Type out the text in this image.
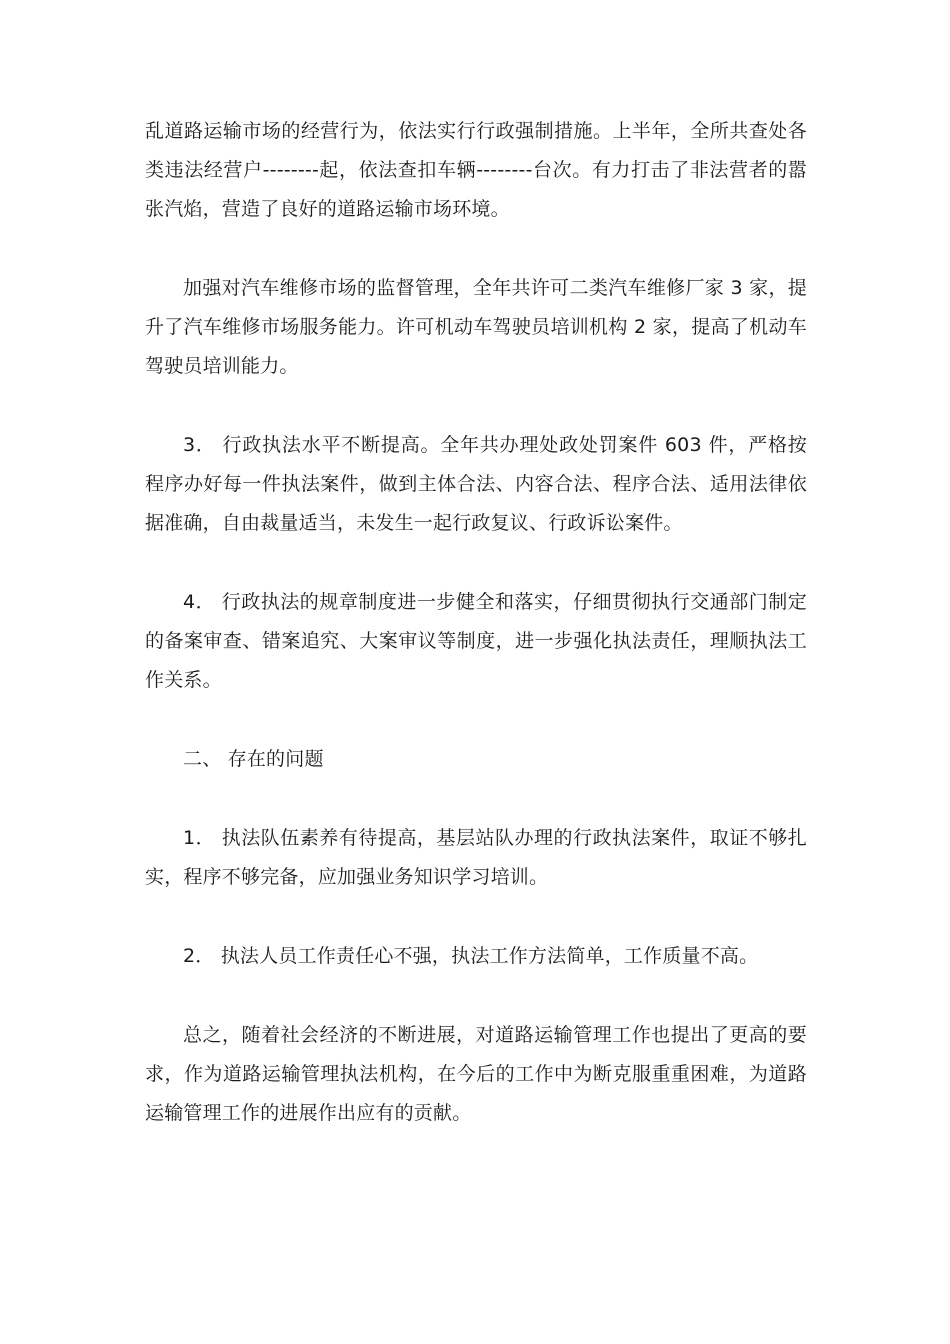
乱道路运输市场的经营行为，依法实行行政强制措施。上半年，全所共查处各类违法经营户--------起，依法查扣车辆--------台次。有力打击了非法营者的嚣张汽焰，营造了良好的道路运输市场环境。

加强对汽车维修市场的监督管理，全年共许可二类汽车维修厂家 3 家，提升了汽车维修市场服务能力。许可机动车驾驶员培训机构 2 家，提高了机动车驾驶员培训能力。

3． 行政执法水平不断提高。全年共办理处政处罚案件 603 件，严格按程序办好每一件执法案件，做到主体合法、内容合法、程序合法、适用法律依据准确，自由裁量适当，未发生一起行政复议、行政诉讼案件。

4． 行政执法的规章制度进一步健全和落实，仔细贯彻执行交通部门制定的备案审查、错案追究、大案审议等制度，进一步强化执法责任，理顺执法工作关系。

二、 存在的问题

1． 执法队伍素养有待提高，基层站队办理的行政执法案件，取证不够扎实，程序不够完备，应加强业务知识学习培训。

2． 执法人员工作责任心不强，执法工作方法简单，工作质量不高。

总之，随着社会经济的不断进展，对道路运输管理工作也提出了更高的要求，作为道路运输管理执法机构，在今后的工作中为断克服重重困难，为道路运输管理工作的进展作出应有的贡献。
